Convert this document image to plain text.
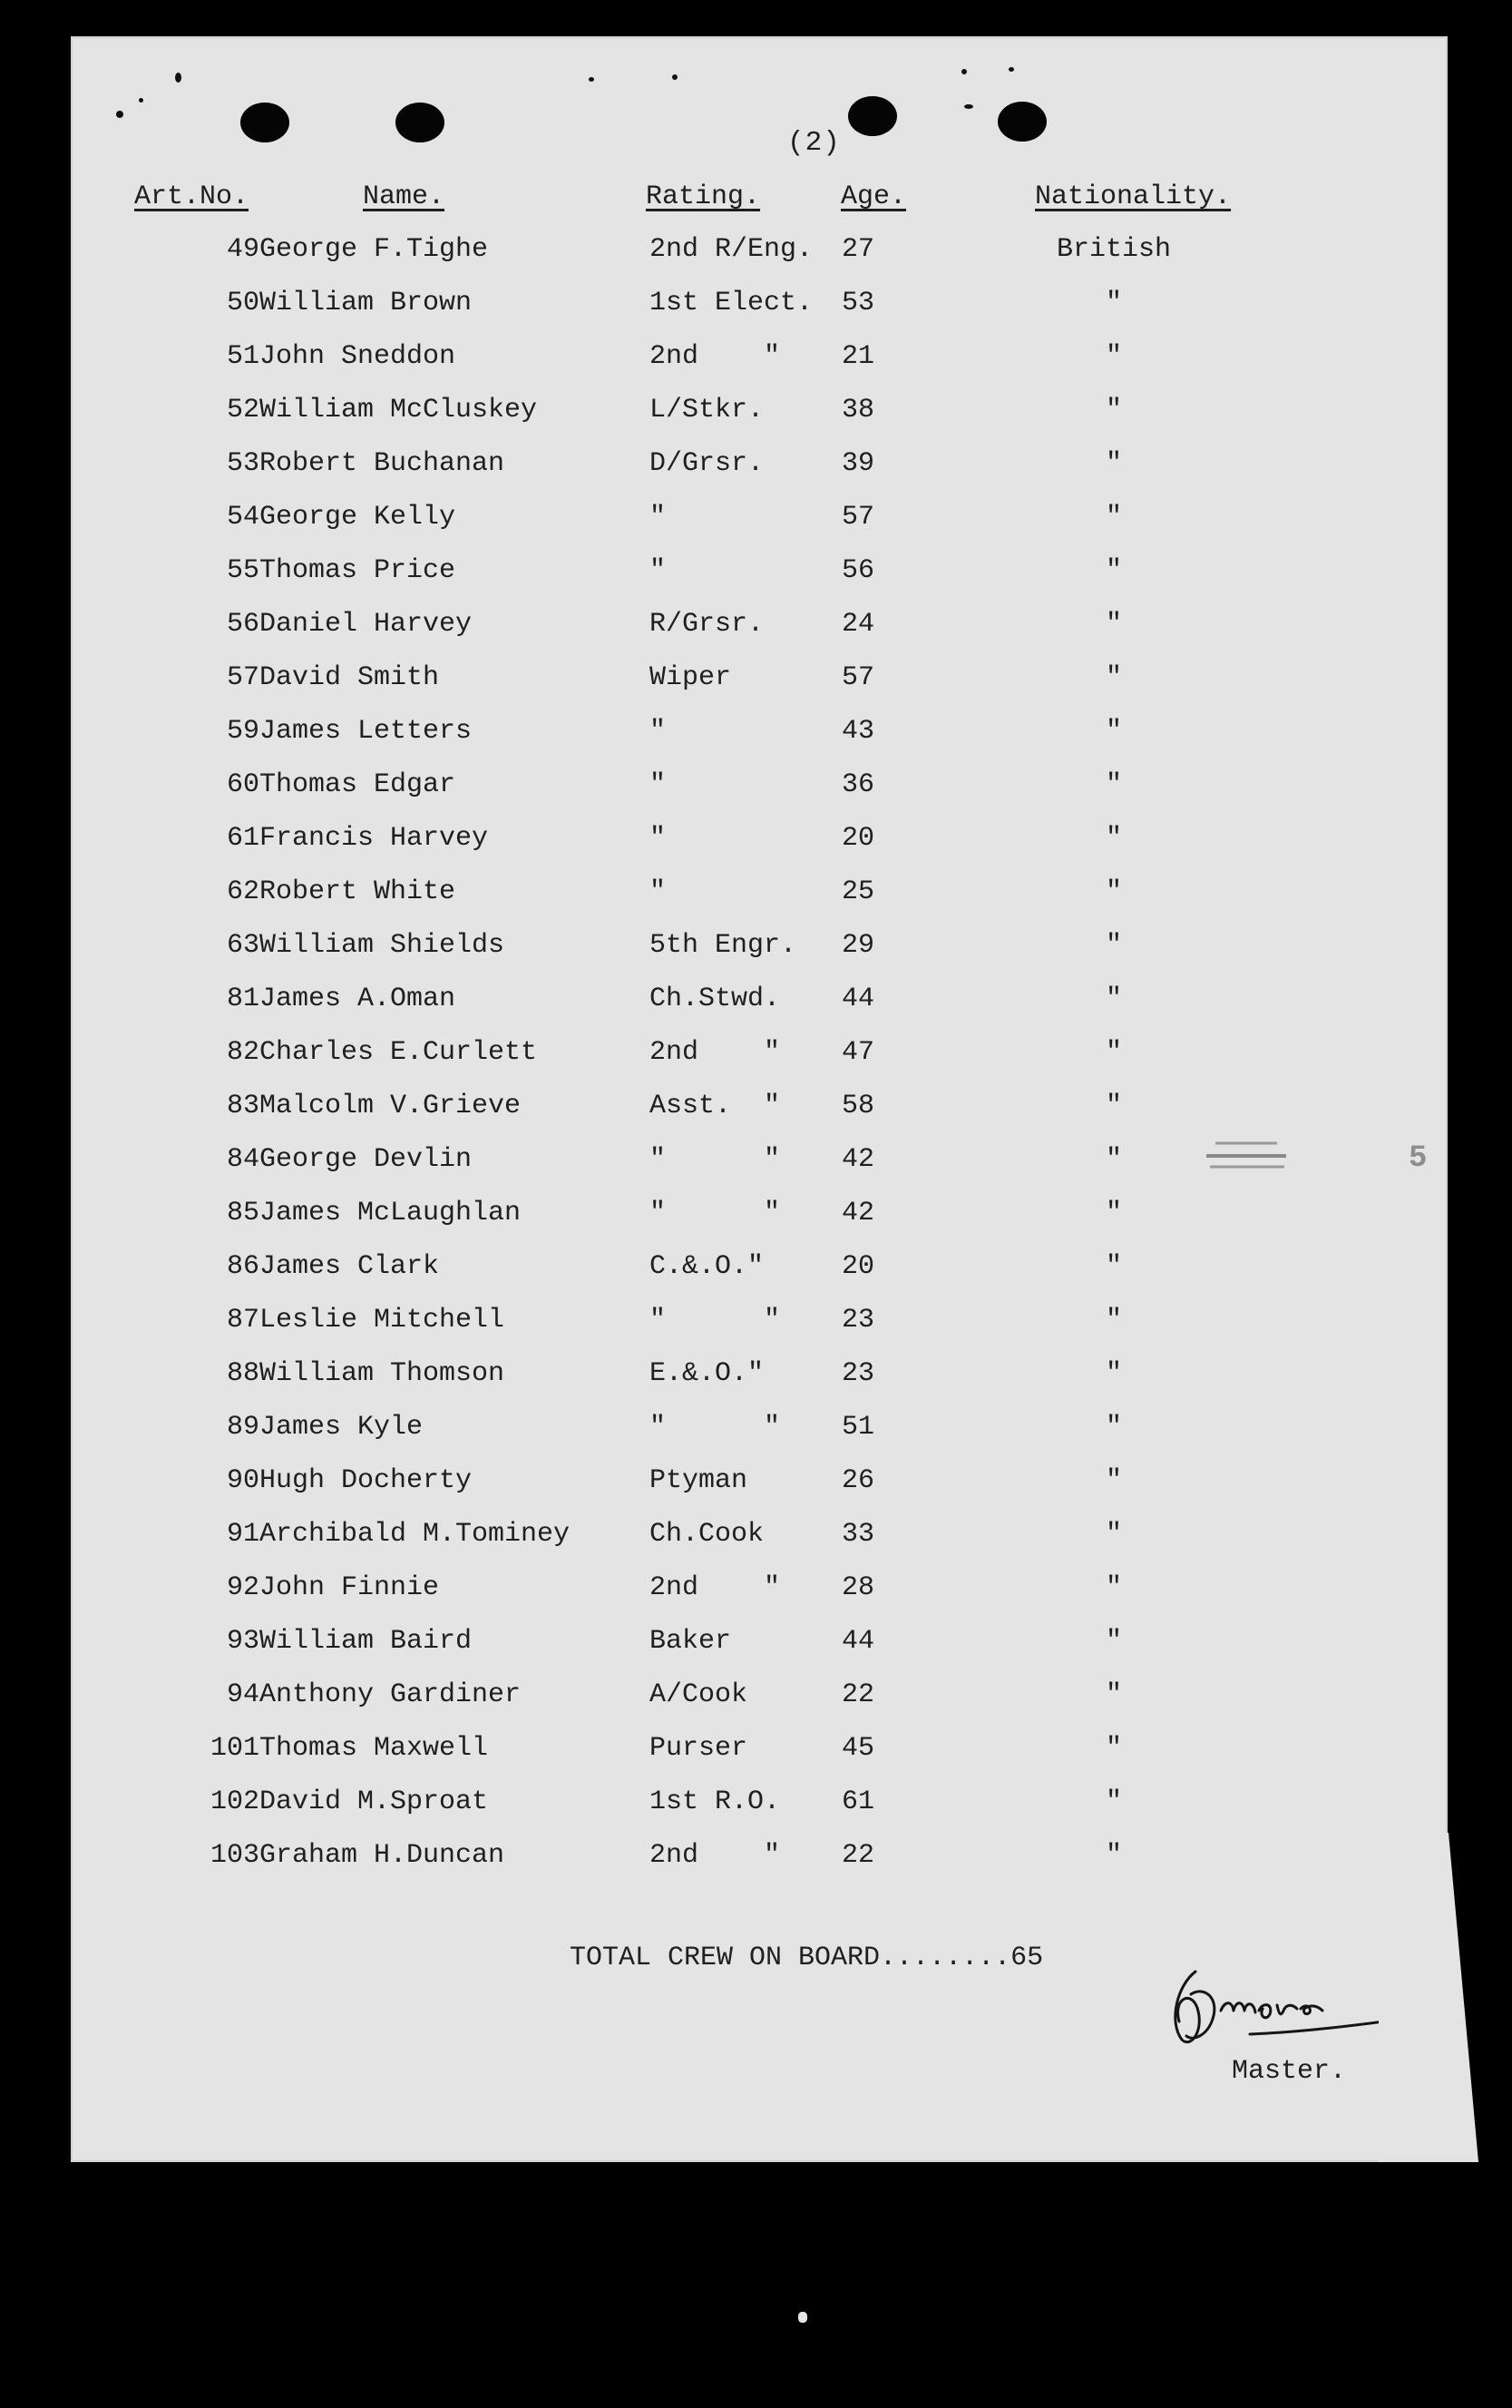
(2)
Art.No.	Name.	Rating.	Age.	Nationality.
49 George F.Tighe	2nd R/Eng. 27	British
50 William Brown	1st Elect. 53	"
51 John Sneddon	2nd    " 21	"
52 William McCluskey	L/Stkr.	38	"
53 Robert Buchanan	D/Grsr.	39	"
54 George Kelly	"	57	"
55 Thomas Price	"	56	"
56 Daniel Harvey	R/Grsr.	24	"
57 David Smith	Wiper	57	"
59 James Letters	"	43	"
60 Thomas Edgar	"	36	"
61 Francis Harvey	"	20	"
62 Robert White	"	25	"
63 William Shields	5th Engr. 29	"
81 James A.Oman	Ch.Stwd. 44	"
82 Charles E.Curlett	2nd    " 47	"
83 Malcolm V.Grieve	Asst.  " 58	"
84 George Devlin	"      " 42	"
85 James McLaughlan	"      " 42	"
86 James Clark	C.&.O."	20	"
87 Leslie Mitchell	"      " 23	"
88 William Thomson	E.&.O."	23	"
89 James Kyle	"      " 51	"
90 Hugh Docherty	Ptyman	26	"
91 Archibald M.Tominey	Ch.Cook	33	"
92 John Finnie	2nd    " 28	"
93 William Baird	Baker	44	"
94 Anthony Gardiner	A/Cook	22	"
101 Thomas Maxwell	Purser	45	"
102 David M.Sproat	1st R.O. 61	"
103 Graham H.Duncan	2nd    " 22	"
5
TOTAL CREW ON BOARD........65
Master.
